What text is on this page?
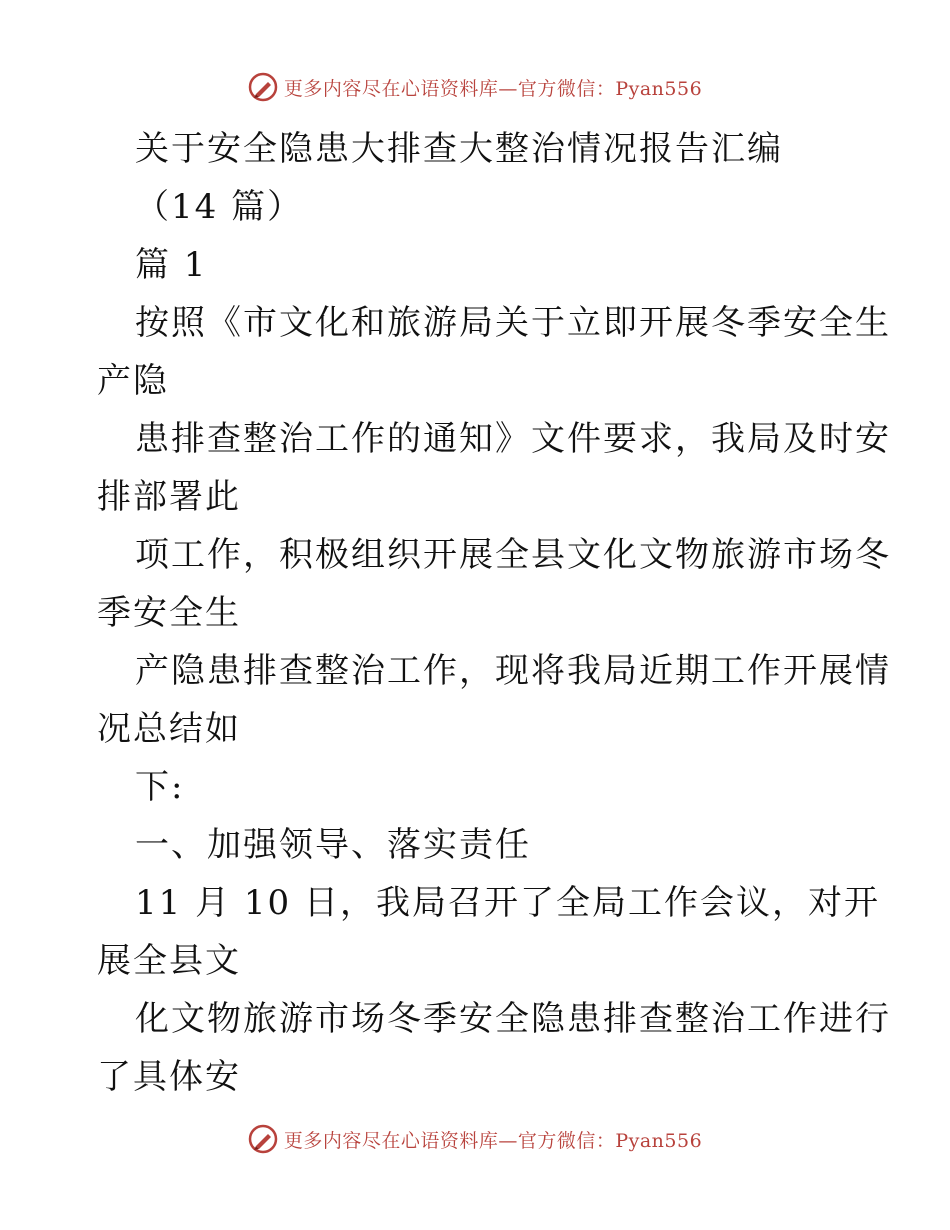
更多内容尽在心语资料库—官方微信：Pyan556
关于安全隐患大排查大整治情况报告汇编
（14 篇）
篇 1
按照《市文化和旅游局关于立即开展冬季安全生
产隐
患排查整治工作的通知》文件要求，我局及时安
排部署此
项工作，积极组织开展全县文化文物旅游市场冬
季安全生
产隐患排查整治工作，现将我局近期工作开展情
况总结如
下:
一、加强领导、落实责任
11 月 10 日，我局召开了全局工作会议，对开
展全县文
化文物旅游市场冬季安全隐患排查整治工作进行
了具体安
更多内容尽在心语资料库—官方微信：Pyan556
